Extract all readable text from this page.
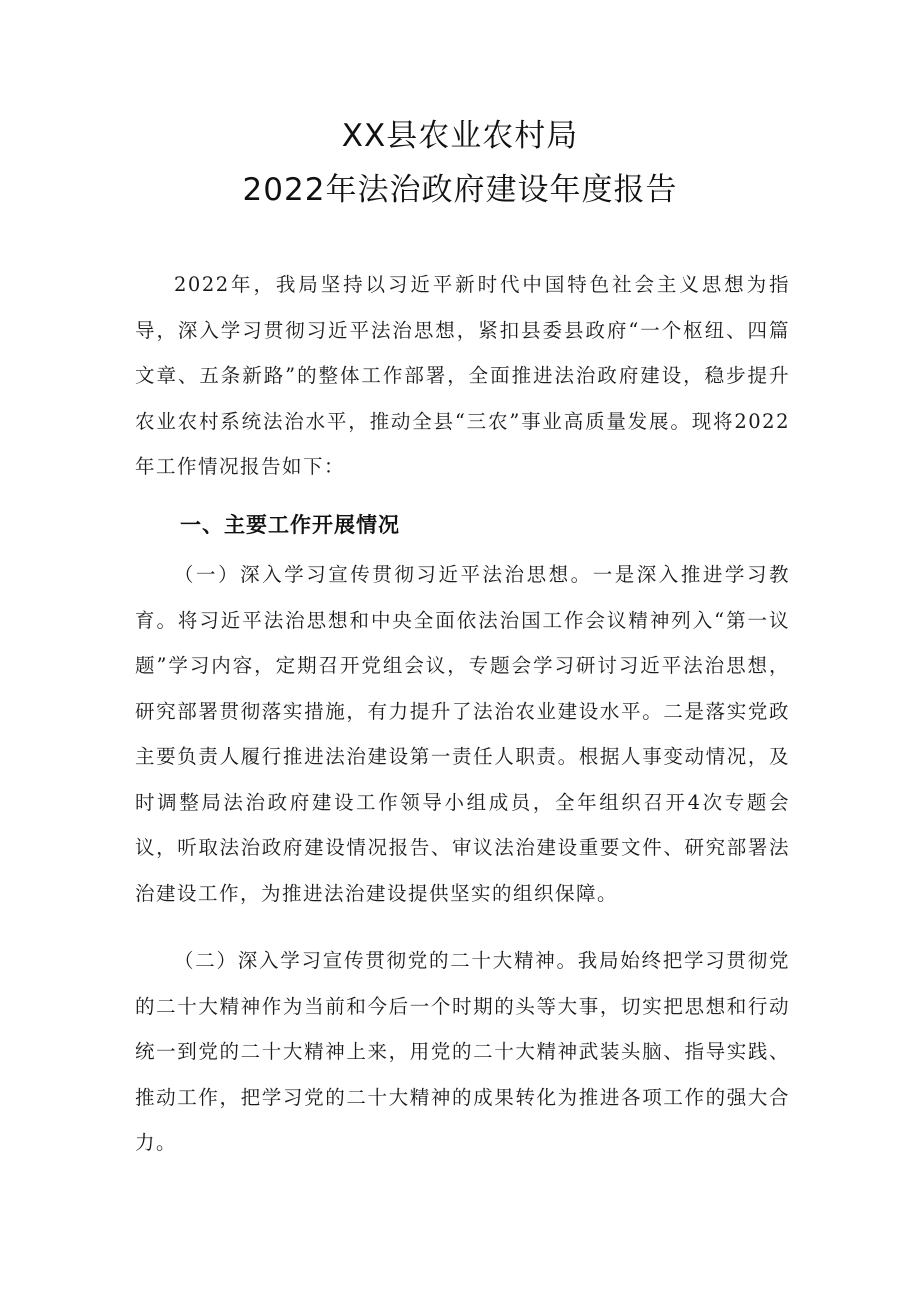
XX县农业农村局
2022年法治政府建设年度报告

2022年，我局坚持以习近平新时代中国特色社会主义思想为指导，深入学习贯彻习近平法治思想，紧扣县委县政府“一个枢纽、四篇文章、五条新路”的整体工作部署，全面推进法治政府建设，稳步提升农业农村系统法治水平，推动全县“三农”事业高质量发展。现将2022年工作情况报告如下：

一、主要工作开展情况

（一）深入学习宣传贯彻习近平法治思想。一是深入推进学习教育。将习近平法治思想和中央全面依法治国工作会议精神列入“第一议题”学习内容，定期召开党组会议，专题会学习研讨习近平法治思想，研究部署贯彻落实措施，有力提升了法治农业建设水平。二是落实党政主要负责人履行推进法治建设第一责任人职责。根据人事变动情况，及时调整局法治政府建设工作领导小组成员，全年组织召开4次专题会议，听取法治政府建设情况报告、审议法治建设重要文件、研究部署法治建设工作，为推进法治建设提供坚实的组织保障。

（二）深入学习宣传贯彻党的二十大精神。我局始终把学习贯彻党的二十大精神作为当前和今后一个时期的头等大事，切实把思想和行动统一到党的二十大精神上来，用党的二十大精神武装头脑、指导实践、推动工作，把学习党的二十大精神的成果转化为推进各项工作的强大合力。
